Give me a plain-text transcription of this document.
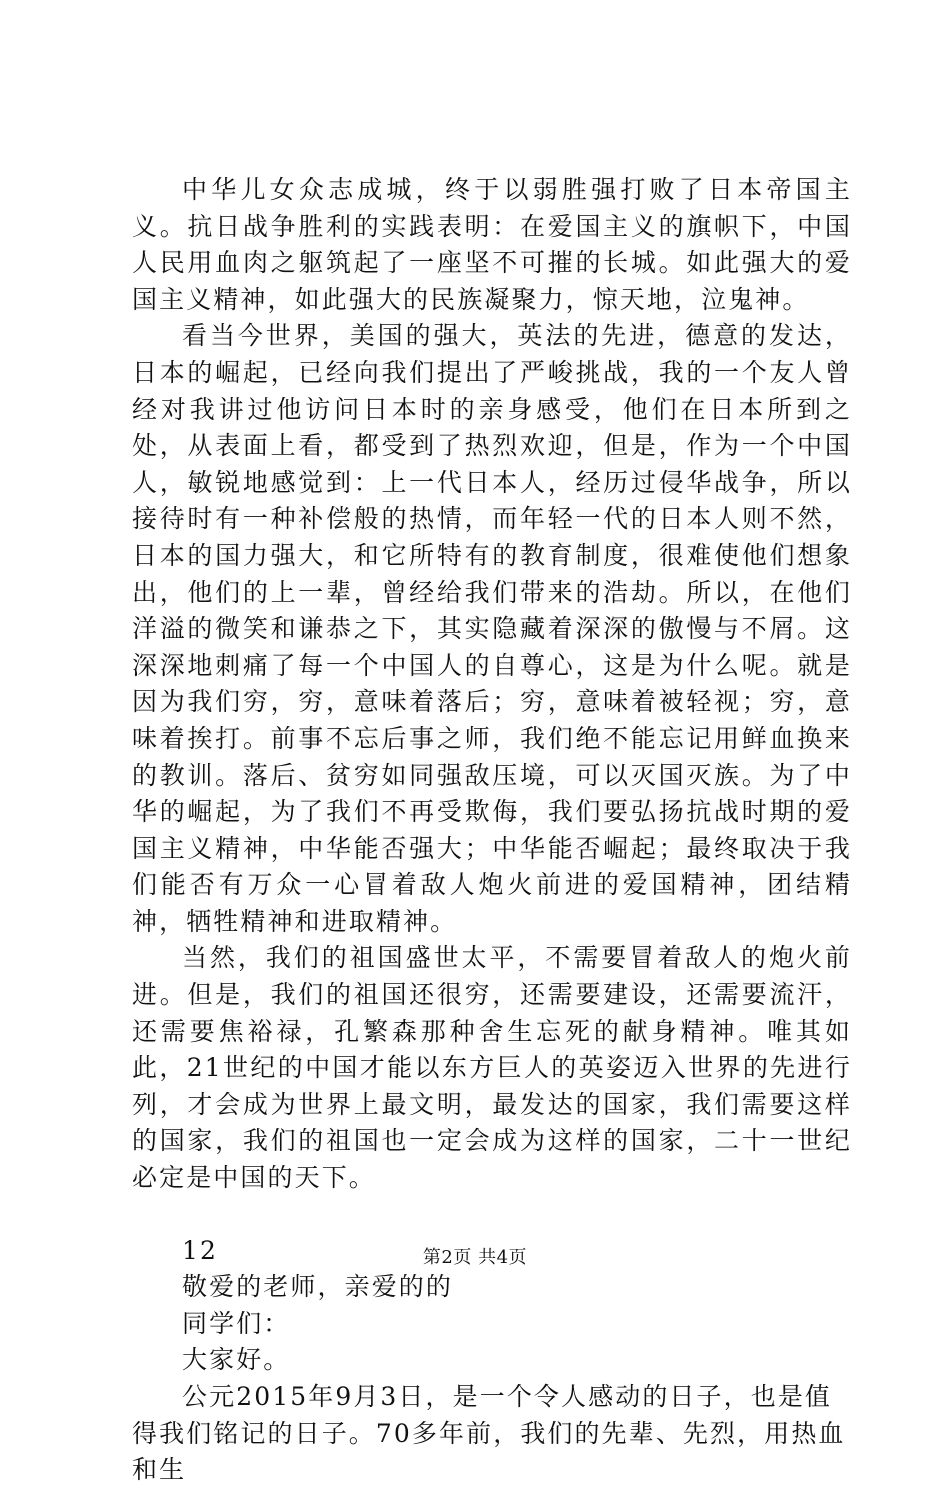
中华儿女众志成城，终于以弱胜强打败了日本帝国主义。抗日战争胜利的实践表明：在爱国主义的旗帜下，中国人民用血肉之躯筑起了一座坚不可摧的长城。如此强大的爱国主义精神，如此强大的民族凝聚力，惊天地，泣鬼神。

看当今世界，美国的强大，英法的先进，德意的发达，日本的崛起，已经向我们提出了严峻挑战，我的一个友人曾经对我讲过他访问日本时的亲身感受，他们在日本所到之处，从表面上看，都受到了热烈欢迎，但是，作为一个中国人，敏锐地感觉到：上一代日本人，经历过侵华战争，所以接待时有一种补偿般的热情，而年轻一代的日本人则不然，日本的国力强大，和它所特有的教育制度，很难使他们想象出，他们的上一辈，曾经给我们带来的浩劫。所以，在他们洋溢的微笑和谦恭之下，其实隐藏着深深的傲慢与不屑。这深深地刺痛了每一个中国人的自尊心，这是为什么呢。就是因为我们穷，穷，意味着落后；穷，意味着被轻视；穷，意味着挨打。前事不忘后事之师，我们绝不能忘记用鲜血换来的教训。落后、贫穷如同强敌压境，可以灭国灭族。为了中华的崛起，为了我们不再受欺侮，我们要弘扬抗战时期的爱国主义精神，中华能否强大；中华能否崛起；最终取决于我们能否有万众一心冒着敌人炮火前进的爱国精神，团结精神，牺牲精神和进取精神。

当然，我们的祖国盛世太平，不需要冒着敌人的炮火前进。但是，我们的祖国还很穷，还需要建设，还需要流汗，还需要焦裕禄，孔繁森那种舍生忘死的献身精神。唯其如此，21世纪的中国才能以东方巨人的英姿迈入世界的先进行列，才会成为世界上最文明，最发达的国家，我们需要这样的国家，我们的祖国也一定会成为这样的国家，二十一世纪必定是中国的天下。

12

敬爱的老师，亲爱的的

同学们：

大家好。

公元2015年9月3日，是一个令人感动的日子，也是值得我们铭记的日子。70多年前，我们的先辈、先烈，用热血和生

第2页 共4页
